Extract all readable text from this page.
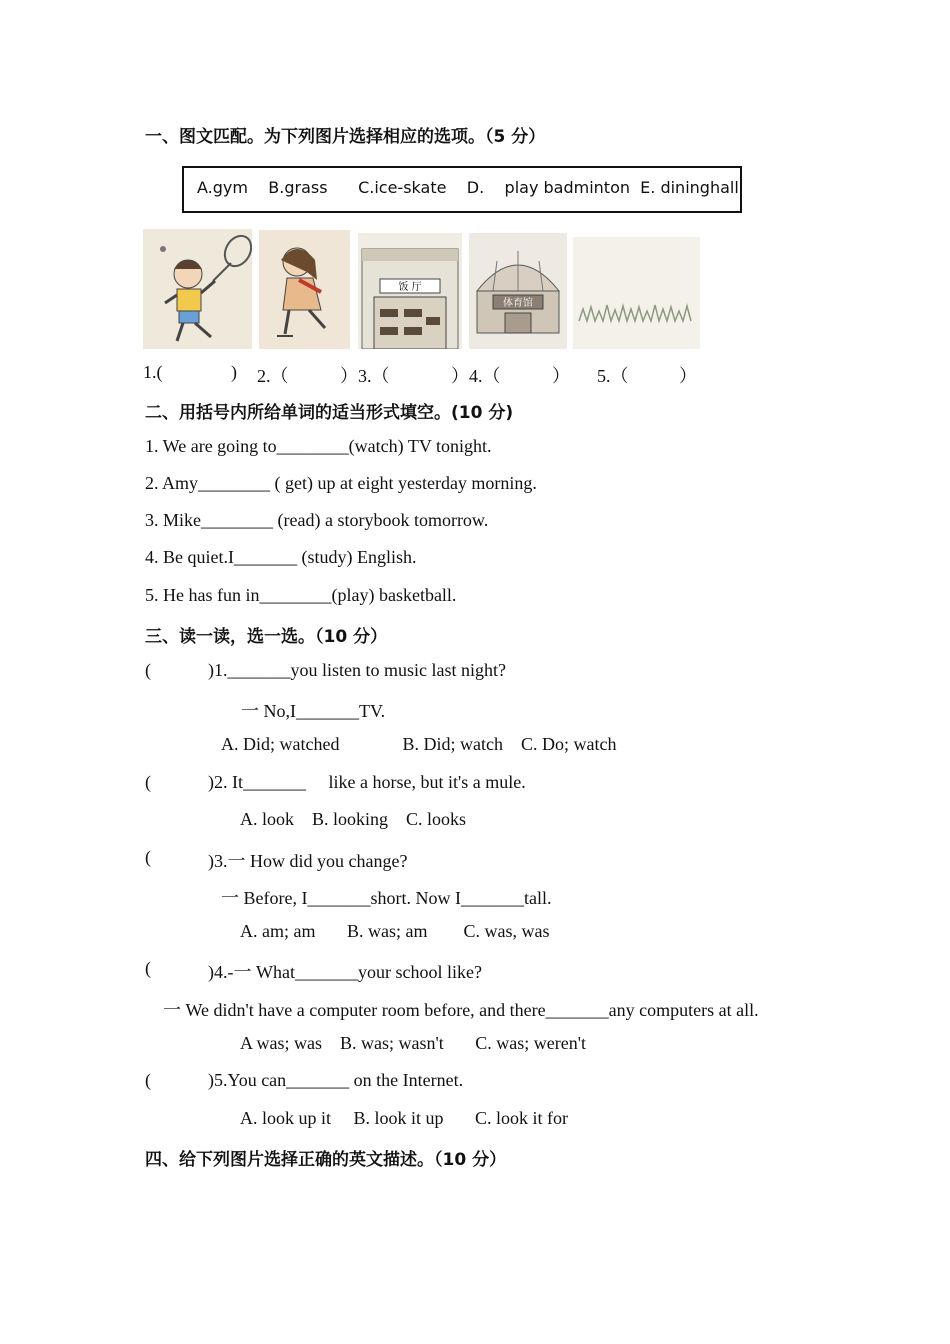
一、图文匹配。为下列图片选择相应的选项。（5 分）
A.gym    B.grass      C.ice-skate    D.    play badminton  E. dininghall
饭 厅
体育馆
1.(	) 2.（	）3.（	）4.（	） 5.（	）
二、用括号内所给单词的适当形式填空。(10 分)
1. We are going to________(watch) TV tonight.
2. Amy________ ( get) up at eight yesterday morning.
3. Mike________ (read) a storybook tomorrow.
4. Be quiet.I_______ (study) English.
5. He has fun in________(play) basketball.
三、读一读，选一选。（10 分）
(	)1._______you listen to music last night?
一 No,I_______TV.
A. Did; watched              B. Did; watch    C. Do; watch
(	)2. It_______     like a horse, but it's a mule.
A. look    B. looking    C. looks
(	)3.一 How did you change?
一 Before, I_______short. Now I_______tall.
A. am; am       B. was; am        C. was, was
(	)4.-一 What_______your school like?
一 We didn't have a computer room before, and there_______any computers at all.
A was; was    B. was; wasn't       C. was; weren't
(	)5.You can_______ on the Internet.
A. look up it     B. look it up       C. look it for
四、给下列图片选择正确的英文描述。（10 分）
